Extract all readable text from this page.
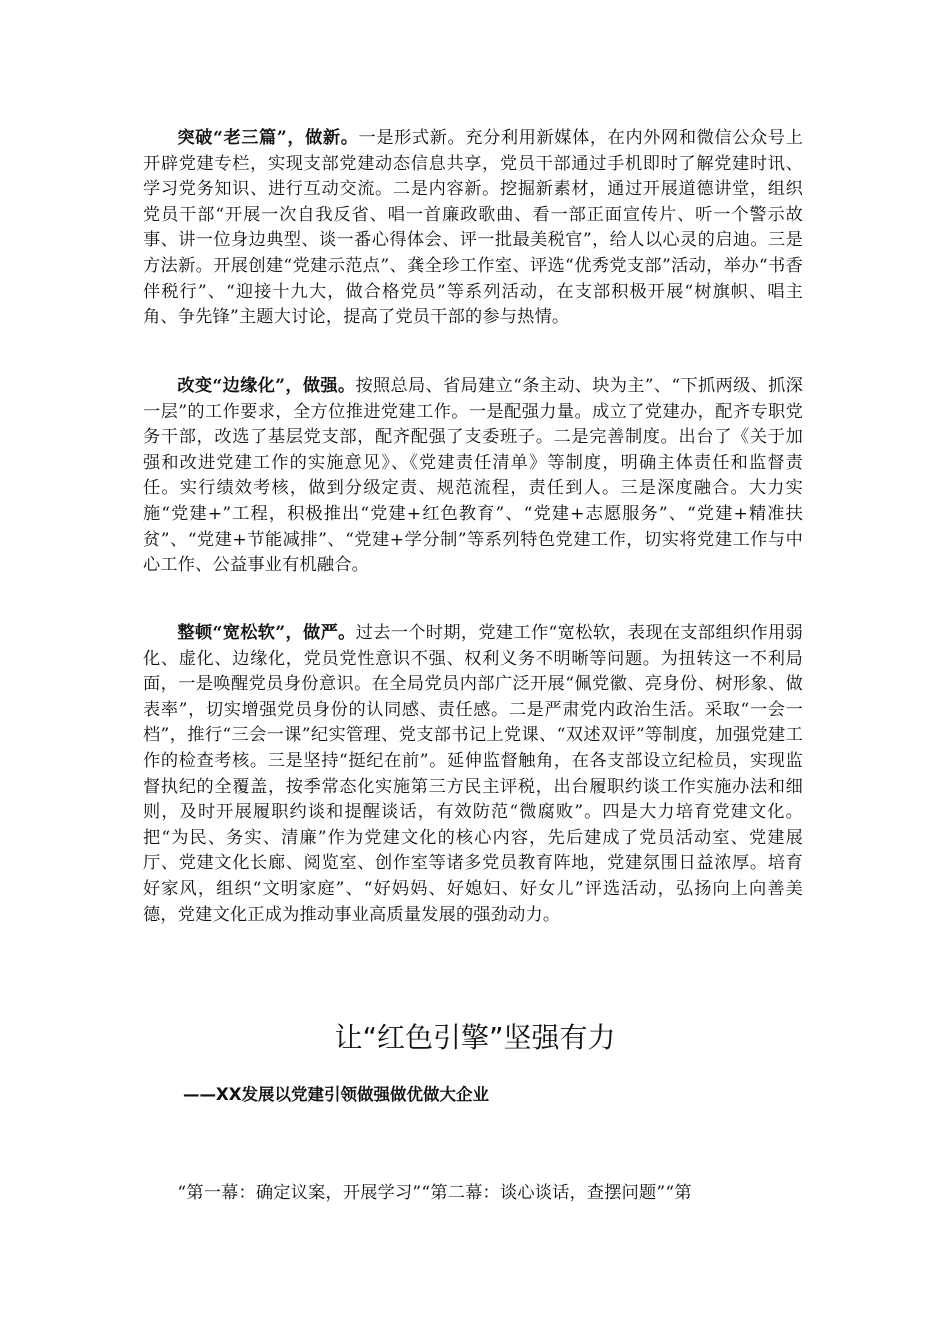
突破“老三篇”，做新。一是形式新。充分利用新媒体，在内外网和微信公众号上开辟党建专栏，实现支部党建动态信息共享，党员干部通过手机即时了解党建时讯、学习党务知识、进行互动交流。二是内容新。挖掘新素材，通过开展道德讲堂，组织党员干部“开展一次自我反省、唱一首廉政歌曲、看一部正面宣传片、听一个警示故事、讲一位身边典型、谈一番心得体会、评一批最美税官”，给人以心灵的启迪。三是方法新。开展创建“党建示范点”、龚全珍工作室、评选“优秀党支部”活动，举办“书香伴税行”、“迎接十九大，做合格党员”等系列活动，在支部积极开展“树旗帜、唱主角、争先锋”主题大讨论，提高了党员干部的参与热情。

改变“边缘化”，做强。按照总局、省局建立“条主动、块为主”、“下抓两级、抓深一层”的工作要求，全方位推进党建工作。一是配强力量。成立了党建办，配齐专职党务干部，改选了基层党支部，配齐配强了支委班子。二是完善制度。出台了《关于加强和改进党建工作的实施意见》、《党建责任清单》等制度，明确主体责任和监督责任。实行绩效考核，做到分级定责、规范流程，责任到人。三是深度融合。大力实施“党建+”工程，积极推出“党建+红色教育”、“党建+志愿服务”、“党建+精准扶贫”、“党建+节能减排”、“党建+学分制”等系列特色党建工作，切实将党建工作与中心工作、公益事业有机融合。

整顿“宽松软”，做严。过去一个时期，党建工作“宽松软，表现在支部组织作用弱化、虚化、边缘化，党员党性意识不强、权利义务不明晰等问题。为扭转这一不利局面，一是唤醒党员身份意识。在全局党员内部广泛开展“佩党徽、亮身份、树形象、做表率”，切实增强党员身份的认同感、责任感。二是严肃党内政治生活。采取“一会一档”，推行“三会一课”纪实管理、党支部书记上党课、“双述双评”等制度，加强党建工作的检查考核。三是坚持“挺纪在前”。延伸监督触角，在各支部设立纪检员，实现监督执纪的全覆盖，按季常态化实施第三方民主评税，出台履职约谈工作实施办法和细则，及时开展履职约谈和提醒谈话，有效防范“微腐败”。四是大力培育党建文化。把“为民、务实、清廉”作为党建文化的核心内容，先后建成了党员活动室、党建展厅、党建文化长廊、阅览室、创作室等诸多党员教育阵地，党建氛围日益浓厚。培育好家风，组织“文明家庭”、“好妈妈、好媳妇、好女儿”评选活动，弘扬向上向善美德，党建文化正成为推动事业高质量发展的强劲动力。

让“红色引擎”坚强有力

——XX发展以党建引领做强做优做大企业

“第一幕：确定议案，开展学习”“第二幕：谈心谈话，查摆问题”“第
